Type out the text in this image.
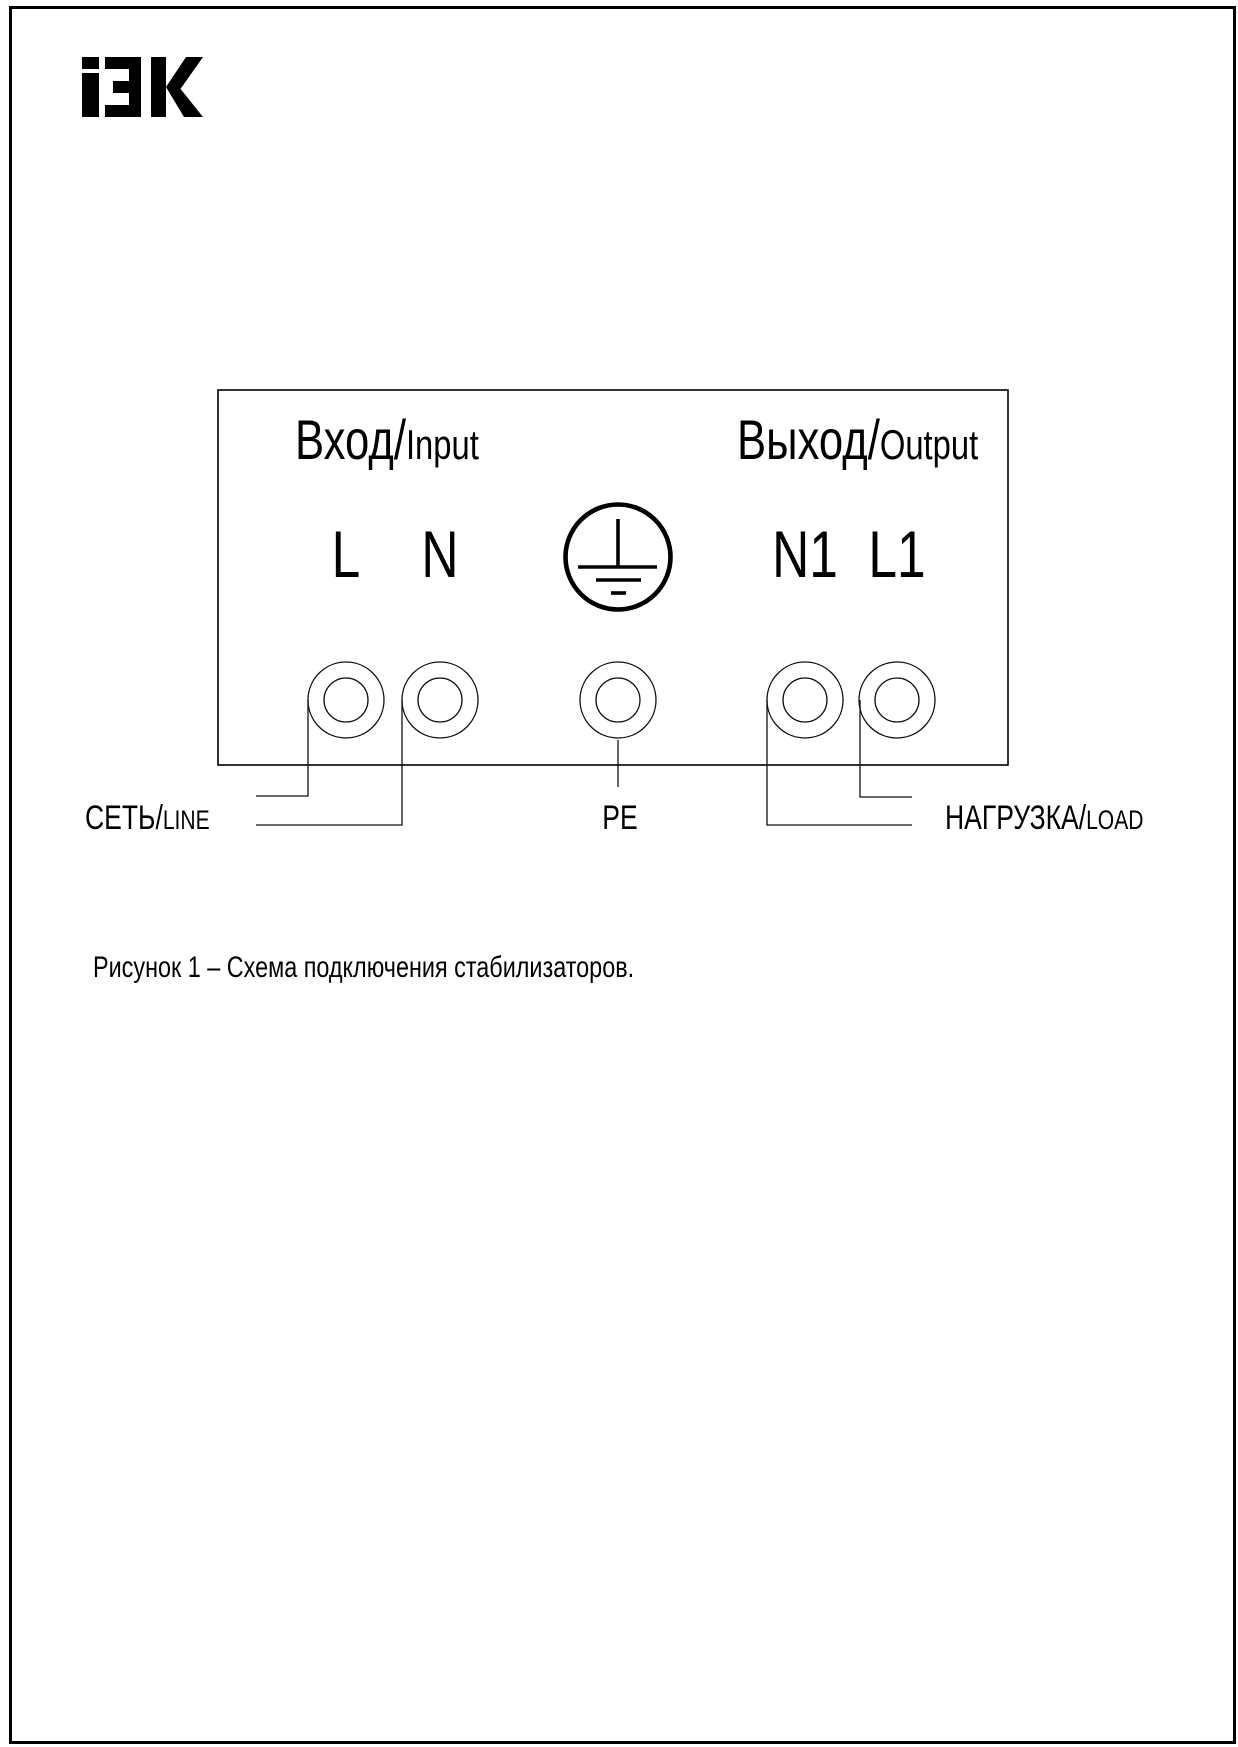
Вход/Input	Выход/Output
L N	N1 L1
СЕТЬ/LINE	PE	НАГРУЗКА/LOAD
Рисунок 1 – Схема подключения стабилизаторов.
